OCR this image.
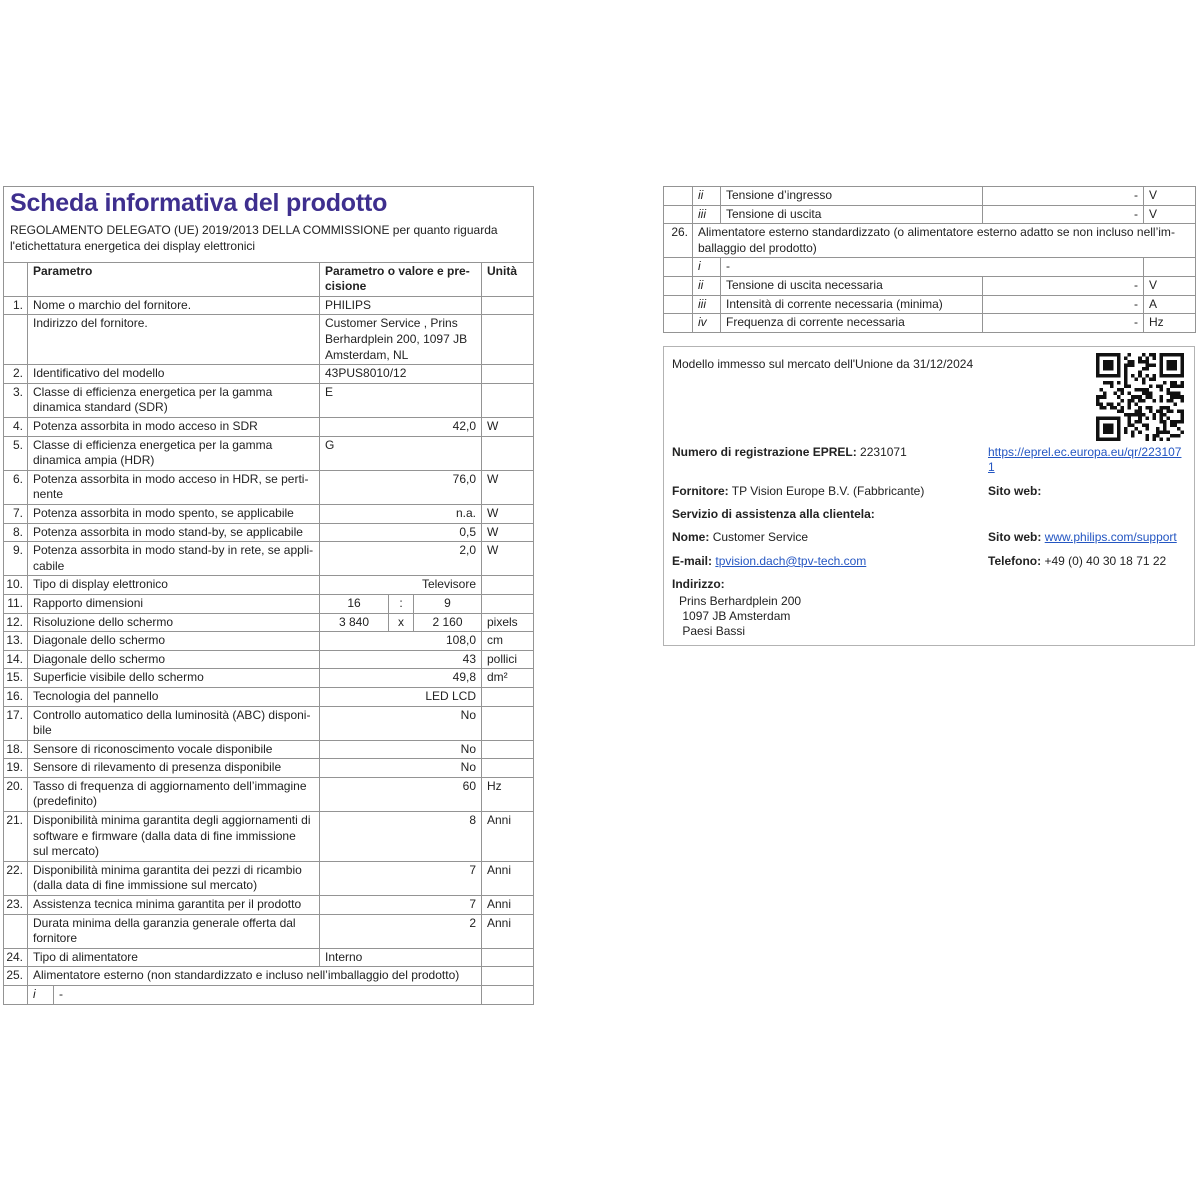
Scheda informativa del prodotto
REGOLAMENTO DELEGATO (UE) 2019/2013 DELLA COMMISSIONE per quanto riguarda l'etichettatura energetica dei display elettronici						

	Parametro		Parametro o valore e precisione			Unità
1.	Nome o marchio del fornitore.		PHILIPS			
	Indirizzo del fornitore.		Customer Service , Prins Berhardplein 200, 1097 JB Amsterdam, NL			
2.	Identificativo del modello		43PUS8010/12			
3.	Classe di efficienza energetica per la gamma dinamica standard (SDR)		E			
4.	Potenza assorbita in modo acceso in SDR		42,0			W
5.	Classe di efficienza energetica per la gamma dinamica ampia (HDR)		G			
6.	Potenza assorbita in modo acceso in HDR, se pertinente		76,0			W
7.	Potenza assorbita in modo spento, se applicabile		n.a.			W
8.	Potenza assorbita in modo stand-by, se applicabile		0,5			W
9.	Potenza assorbita in modo stand-by in rete, se applicabile		2,0			W
10.	Tipo di display elettronico		Televisore			
11.	Rapporto dimensioni		16	:	9	
12.	Risoluzione dello schermo		3 840	x	2 160	pixels
13.	Diagonale dello schermo		108,0			cm
14.	Diagonale dello schermo		43			pollici
15.	Superficie visibile dello schermo		49,8			dm²
16.	Tecnologia del pannello		LED LCD			
17.	Controllo automatico della luminosità (ABC) disponibile		No			
18.	Sensore di riconoscimento vocale disponibile		No			
19.	Sensore di rilevamento di presenza disponibile		No			
20.	Tasso di frequenza di aggiornamento dell’immagine (predefinito)		60			Hz
21.	Disponibilità minima garantita degli aggiornamenti di software e firmware (dalla data di fine immissione sul mercato)		8			Anni
22.	Disponibilità minima garantita dei pezzi di ricambio (dalla data di fine immissione sul mercato)		7			Anni
23.	Assistenza tecnica minima garantita per il prodotto		7			Anni
	Durata minima della garanzia generale offerta dal fornitore		2			Anni
24.	Tipo di alimentatore		Interno			
25.	Alimentatore esterno (non standardizzato e incluso nell’imballaggio del prodotto)					
	i	-				
	ii	Tensione d’ingresso	-	V
	iii	Tensione di uscita	-	V
26.	Alimentatore esterno standardizzato (o alimentatore esterno adatto se non incluso nell’imballaggio del prodotto)			
	i	-		
	ii	Tensione di uscita necessaria	-	V
	iii	Intensità di corrente necessaria (minima)	-	A
	iv	Frequenza di corrente necessaria	-	Hz
Modello immesso sul mercato dell'Unione da 31/12/2024
Numero di registrazione EPREL: 2231071	https://eprel.ec.europa.eu/qr/2231071
Fornitore: TP Vision Europe B.V. (Fabbricante)	Sito web:
Servizio di assistenza alla clientela:
Nome: Customer Service	Sito web: www.philips.com/support
E-mail: tpvision.dach@tpv-tech.com	Telefono: +49 (0) 40 30 18 71 22
Indirizzo:
Prins Berhardplein 200
1097 JB Amsterdam
Paesi Bassi
